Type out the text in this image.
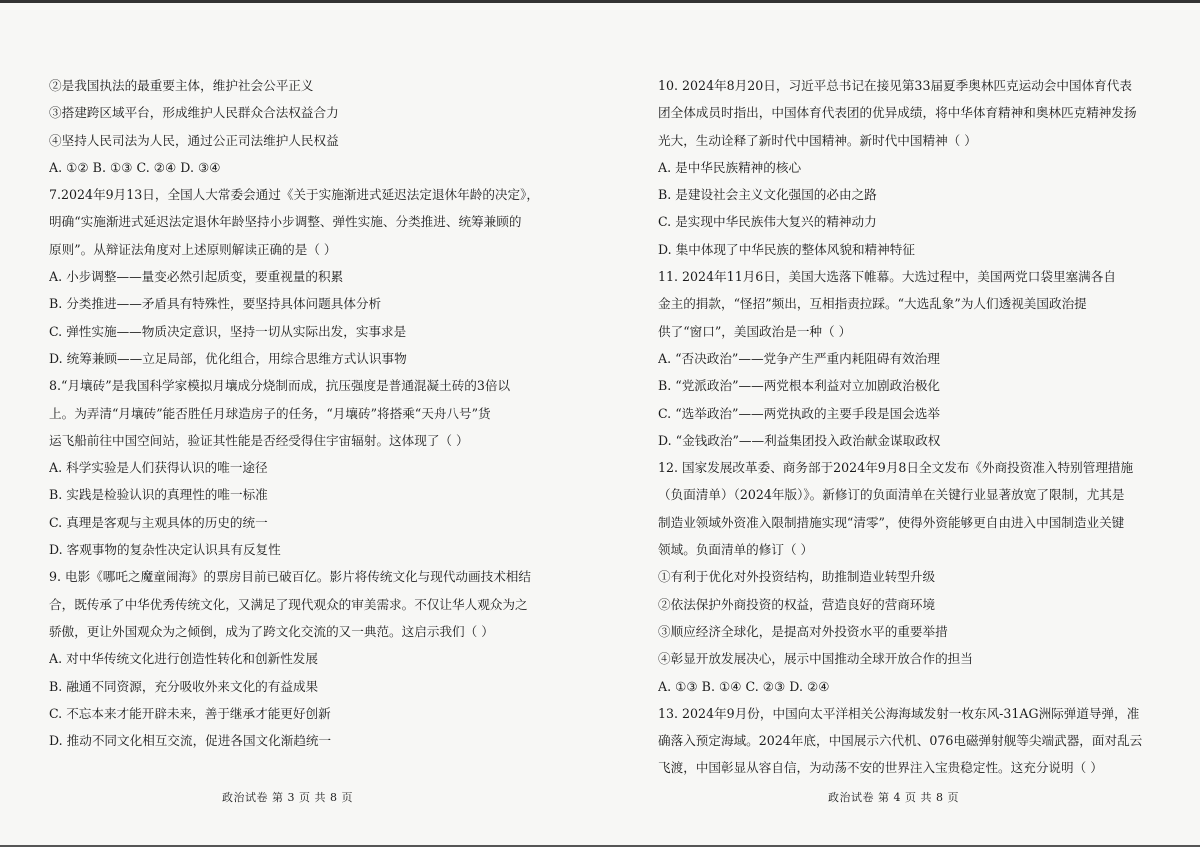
②是我国执法的最重要主体，维护社会公平正义
③搭建跨区域平台，形成维护人民群众合法权益合力
④坚持人民司法为人民，通过公正司法维护人民权益
A. ①② B. ①③ C. ②④ D. ③④
7.2024年9月13日，全国人大常委会通过《关于实施渐进式延迟法定退休年龄的决定》，
明确“实施渐进式延迟法定退休年龄坚持小步调整、弹性实施、分类推进、统筹兼顾的
原则”。从辩证法角度对上述原则解读正确的是（ ）
A. 小步调整——量变必然引起质变，要重视量的积累
B. 分类推进——矛盾具有特殊性，要坚持具体问题具体分析
C. 弹性实施——物质决定意识，坚持一切从实际出发，实事求是
D. 统筹兼顾——立足局部，优化组合，用综合思维方式认识事物
8.“月壤砖”是我国科学家模拟月壤成分烧制而成，抗压强度是普通混凝土砖的3倍以
上。为弄清“月壤砖”能否胜任月球造房子的任务，“月壤砖”将搭乘“天舟八号”货
运飞船前往中国空间站，验证其性能是否经受得住宇宙辐射。这体现了（ ）
A. 科学实验是人们获得认识的唯一途径
B. 实践是检验认识的真理性的唯一标准
C. 真理是客观与主观具体的历史的统一
D. 客观事物的复杂性决定认识具有反复性
9. 电影《哪吒之魔童闹海》的票房目前已破百亿。影片将传统文化与现代动画技术相结
合，既传承了中华优秀传统文化，又满足了现代观众的审美需求。不仅让华人观众为之
骄傲，更让外国观众为之倾倒，成为了跨文化交流的又一典范。这启示我们（ ）
A. 对中华传统文化进行创造性转化和创新性发展
B. 融通不同资源，充分吸收外来文化的有益成果
C. 不忘本来才能开辟未来，善于继承才能更好创新
D. 推动不同文化相互交流，促进各国文化渐趋统一
政治试卷 第 3 页 共 8 页
10. 2024年8月20日，习近平总书记在接见第33届夏季奥林匹克运动会中国体育代表
团全体成员时指出，中国体育代表团的优异成绩，将中华体育精神和奥林匹克精神发扬
光大，生动诠释了新时代中国精神。新时代中国精神（ ）
A. 是中华民族精神的核心
B. 是建设社会主义文化强国的必由之路
C. 是实现中华民族伟大复兴的精神动力
D. 集中体现了中华民族的整体风貌和精神特征
11. 2024年11月6日，美国大选落下帷幕。大选过程中，美国两党口袋里塞满各自
金主的捐款，“怪招”频出，互相指责拉踩。“大选乱象”为人们透视美国政治提
供了“窗口”，美国政治是一种（ ）
A. “否决政治”——党争产生严重内耗阻碍有效治理
B. “党派政治”——两党根本利益对立加剧政治极化
C. “选举政治”——两党执政的主要手段是国会选举
D. “金钱政治”——利益集团投入政治献金谋取政权
12. 国家发展改革委、商务部于2024年9月8日全文发布《外商投资准入特别管理措施
（负面清单）（2024年版）》。新修订的负面清单在关键行业显著放宽了限制，尤其是
制造业领域外资准入限制措施实现“清零”，使得外资能够更自由进入中国制造业关键
领域。负面清单的修订（ ）
①有利于优化对外投资结构，助推制造业转型升级
②依法保护外商投资的权益，营造良好的营商环境
③顺应经济全球化，是提高对外投资水平的重要举措
④彰显开放发展决心，展示中国推动全球开放合作的担当
A. ①③ B. ①④ C. ②③ D. ②④
13. 2024年9月份，中国向太平洋相关公海海域发射一枚东风-31AG洲际弹道导弹，准
确落入预定海域。2024年底，中国展示六代机、076电磁弹射舰等尖端武器，面对乱云
飞渡，中国彰显从容自信，为动荡不安的世界注入宝贵稳定性。这充分说明（ ）
政治试卷 第 4 页 共 8 页
